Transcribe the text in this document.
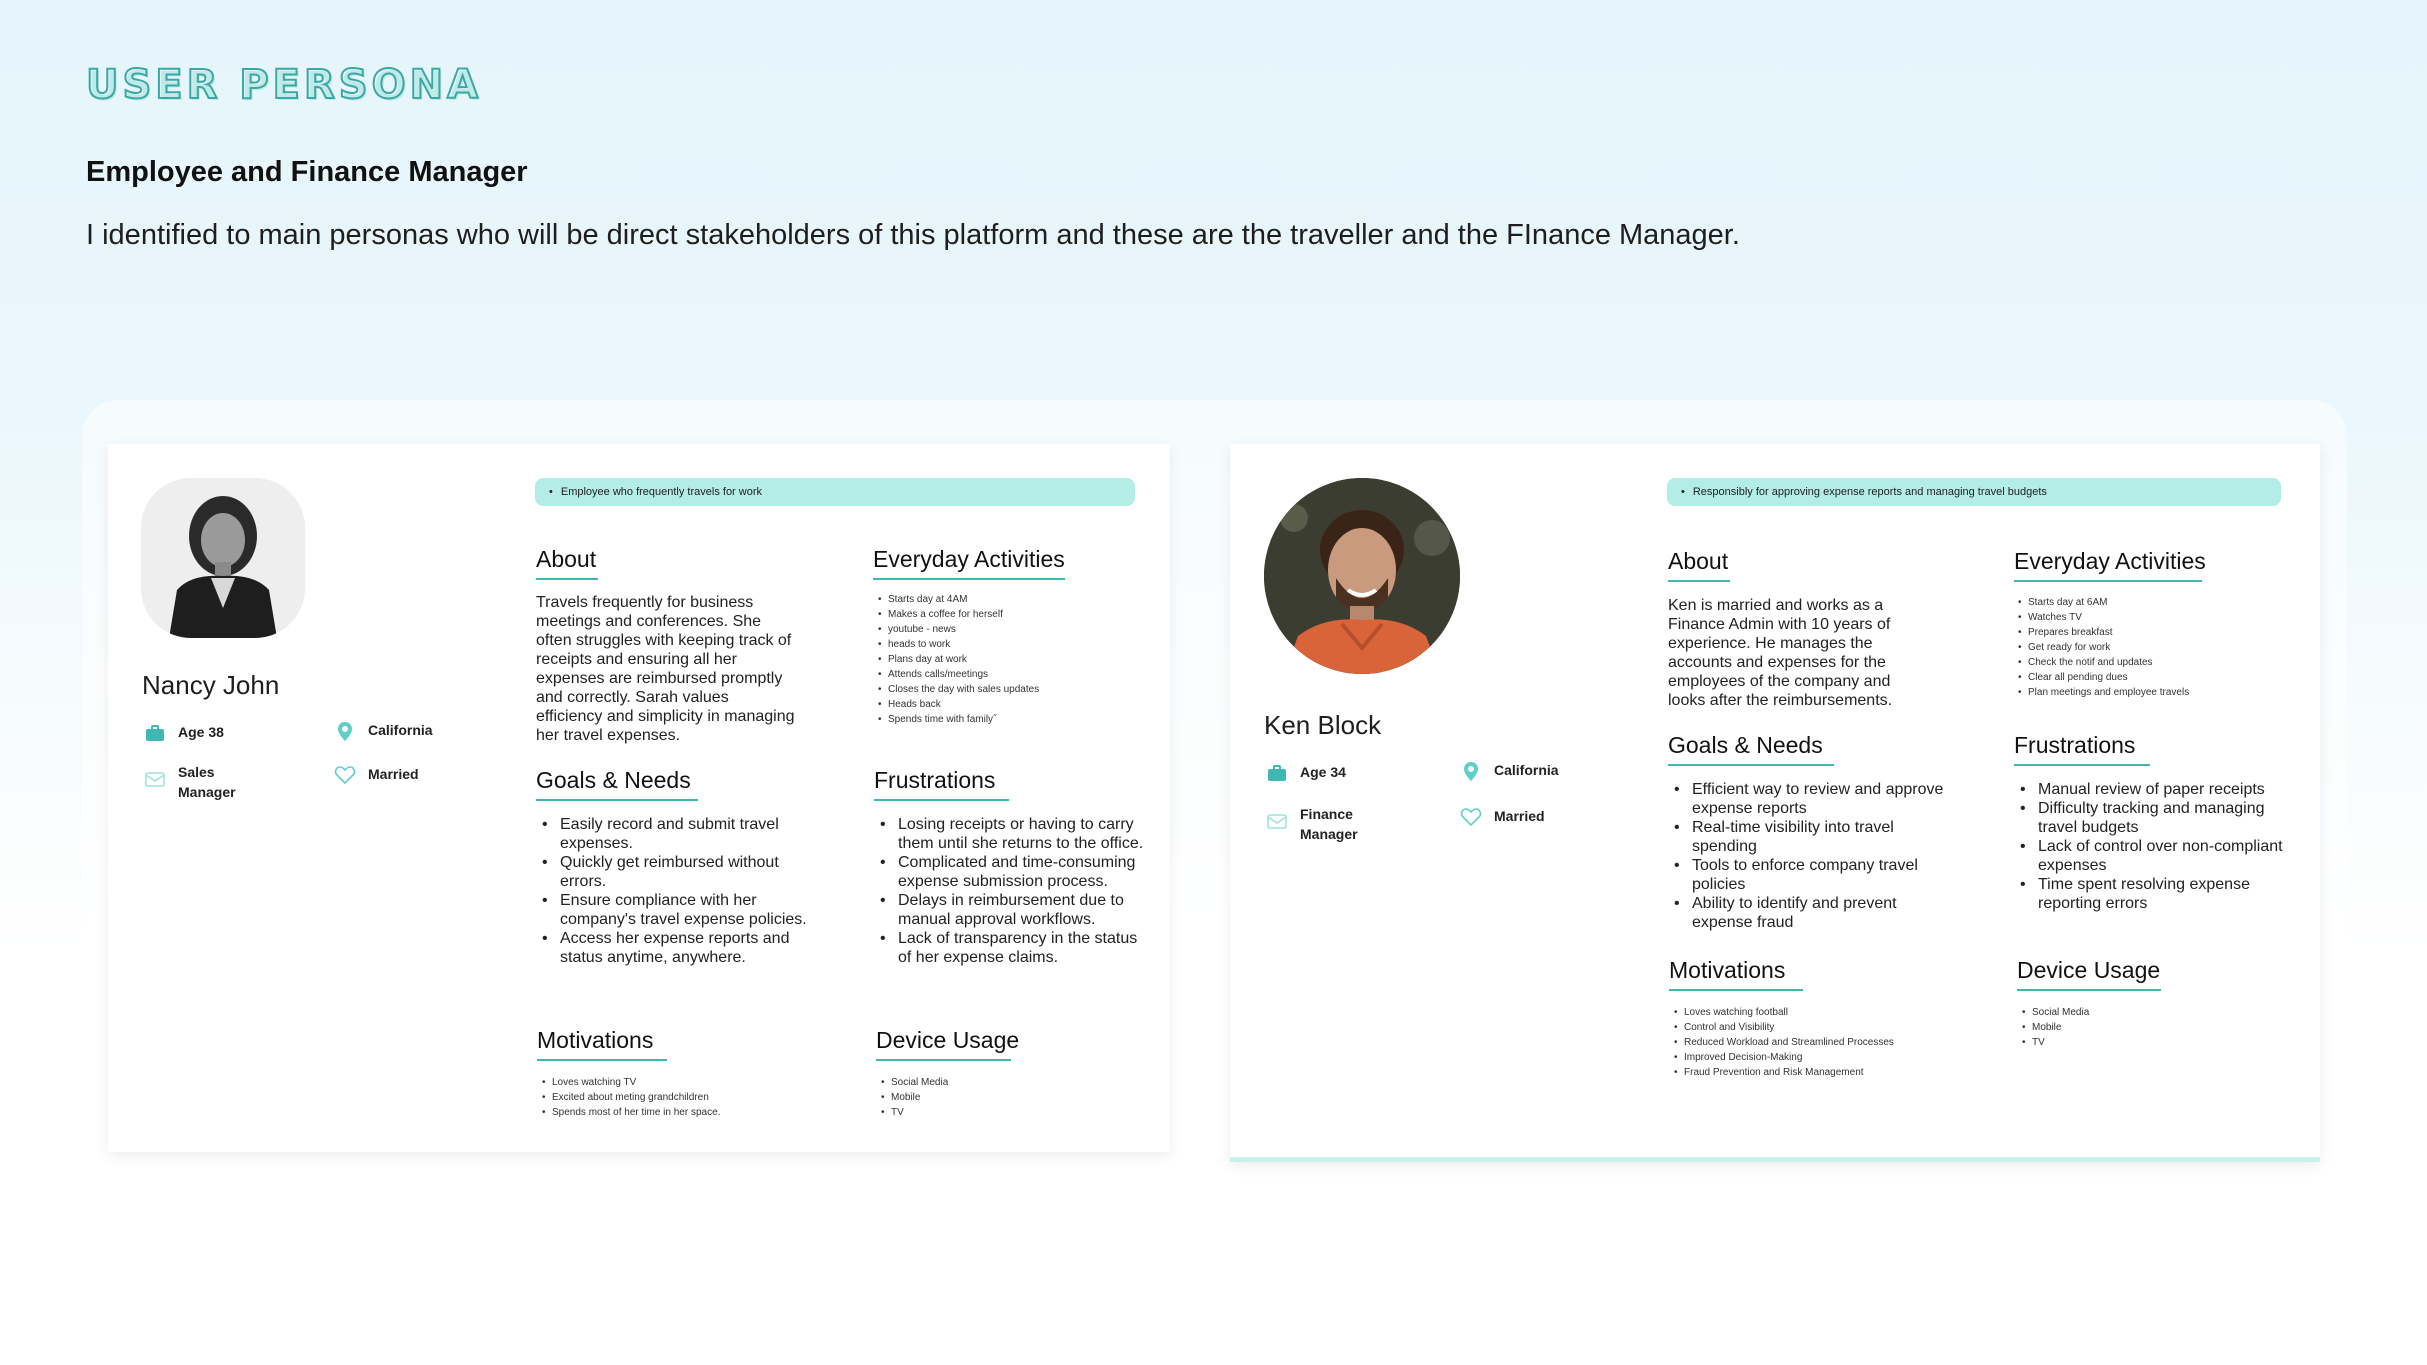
USER PERSONA
Employee and Finance Manager
I identified to main personas who will be direct stakeholders of this platform and these are the traveller and the FInance Manager.
Nancy John
Age 38	California
Sales Manager
Married
• Employee who frequently travels for work
About
Travels frequently for business meetings and conferences. She often struggles with keeping track of receipts and ensuring all her expenses are reimbursed promptly and correctly. Sarah values efficiency and simplicity in managing her travel expenses.
Everyday Activities
• Starts day at 4AM
• Makes a coffee for herself
• youtube - news
• heads to work
• Plans day at work
• Attends calls/meetings
• Closes the day with sales updates
• Heads back
• Spends time with family˝
Goals & Needs
• Easily record and submit travel expenses.
• Quickly get reimbursed without errors.
• Ensure compliance with her company's travel expense policies.
• Access her expense reports and status anytime, anywhere.
Frustrations
• Losing receipts or having to carry them until she returns to the office.
• Complicated and time-consuming expense submission process.
• Delays in reimbursement due to manual approval workflows.
• Lack of transparency in the status of her expense claims.
Motivations
• Loves watching TV
• Excited about meting grandchildren
• Spends most of her time in her space.
Device Usage
• Social Media
• Mobile
• TV
Ken Block
Age 34	California
Finance Manager
Married
• Responsibly for approving expense reports and managing travel budgets
About
Ken is married and works as a Finance Admin with 10 years of experience. He manages the accounts and expenses for the employees of the company and looks after the reimbursements.
Everyday Activities
• Starts day at 6AM
• Watches TV
• Prepares breakfast
• Get ready for work
• Check the notif and updates
• Clear all pending dues
• Plan meetings and employee travels
Goals & Needs
• Efficient way to review and approve expense reports
• Real-time visibility into travel spending
• Tools to enforce company travel policies
• Ability to identify and prevent expense fraud
Frustrations
• Manual review of paper receipts
• Difficulty tracking and managing travel budgets
• Lack of control over non-compliant expenses
• Time spent resolving expense reporting errors
Motivations
• Loves watching football
• Control and Visibility
• Reduced Workload and Streamlined Processes
• Improved Decision-Making
• Fraud Prevention and Risk Management
Device Usage
• Social Media
• Mobile
• TV
